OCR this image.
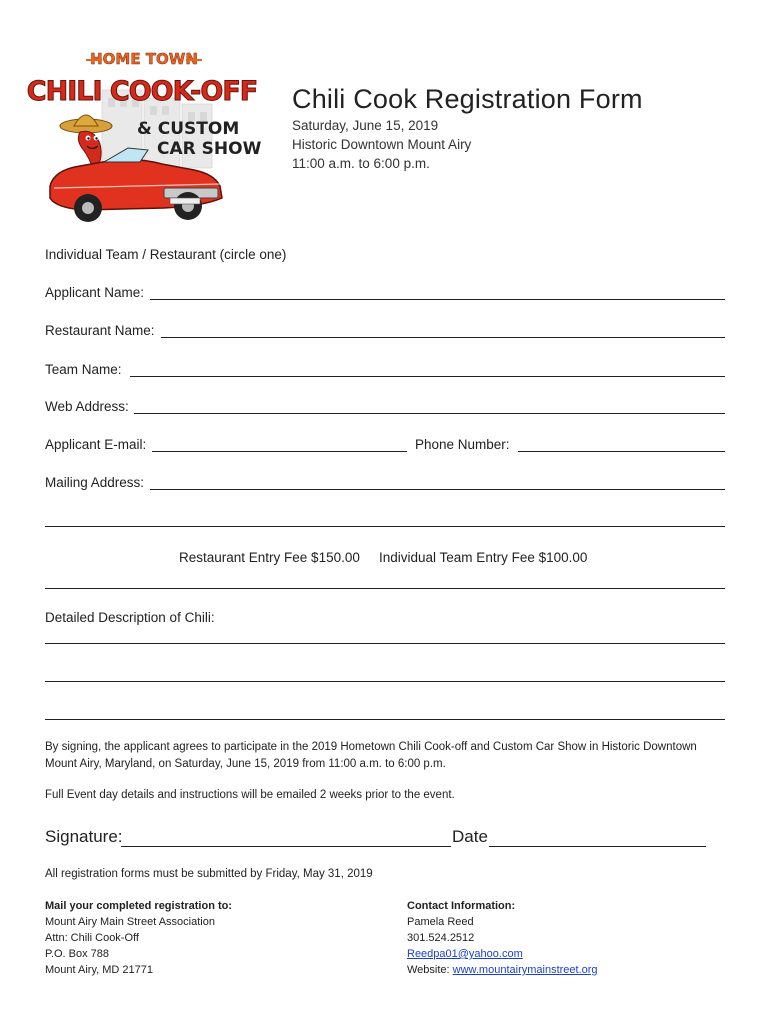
HOME TOWN
CHILI COOK-OFF
& CUSTOM
CAR SHOW
Chili Cook Registration Form
Saturday, June 15, 2019
Historic Downtown Mount Airy
11:00 a.m. to 6:00 p.m.
Individual Team / Restaurant (circle one)
Applicant Name:
Restaurant Name:
Team Name:
Web Address:
Applicant E-mail:	Phone Number:
Mailing Address:
Restaurant Entry Fee $150.00 Individual Team Entry Fee $100.00
Detailed Description of Chili:
By signing, the applicant agrees to participate in the 2019 Hometown Chili Cook-off and Custom Car Show in Historic Downtown
Mount Airy, Maryland, on Saturday, June 15, 2019 from 11:00 a.m. to 6:00 p.m.
Full Event day details and instructions will be emailed 2 weeks prior to the event.
Signature:	Date
All registration forms must be submitted by Friday, May 31, 2019
Mail your completed registration to:
Mount Airy Main Street Association
Attn: Chili Cook-Off
P.O. Box 788
Mount Airy, MD 21771
Contact Information:
Pamela Reed
301.524.2512
Reedpa01@yahoo.com
Website: www.mountairymainstreet.org
